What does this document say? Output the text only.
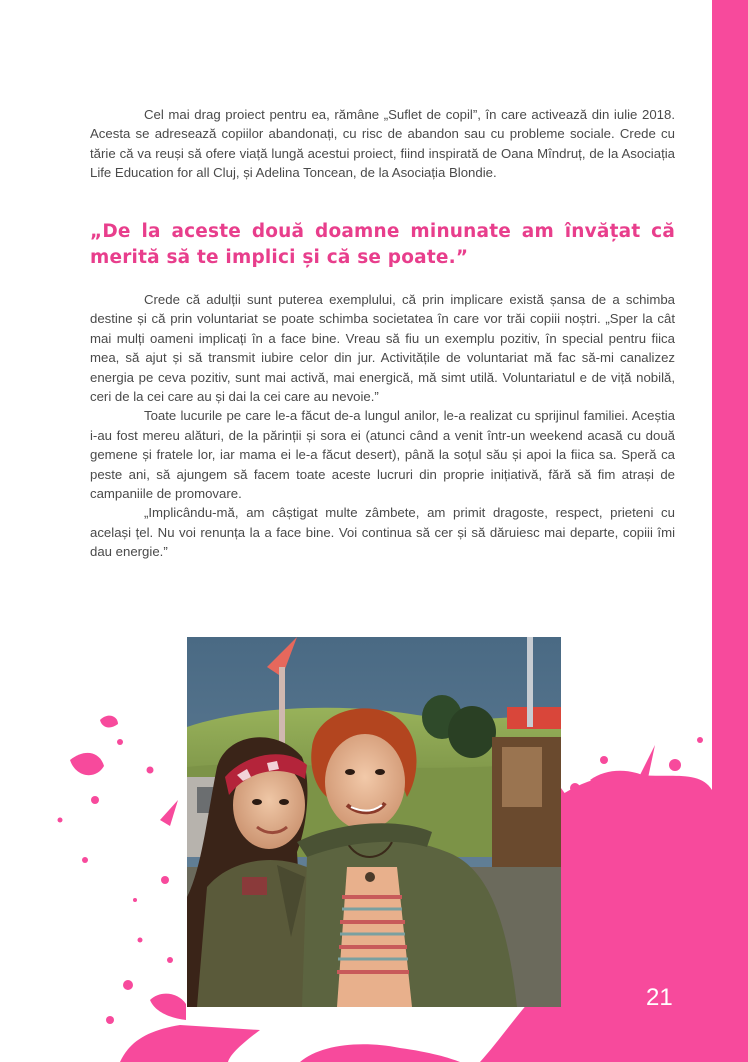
Cel mai drag proiect pentru ea, rămâne „Suflet de copil”, în care activează din iulie 2018. Acesta se adresează copiilor abandonați, cu risc de abandon sau cu probleme sociale. Crede cu tărie că va reuși să ofere viață lungă acestui proiect, fiind inspirată de Oana Mîndruț, de la Asociația Life Education for all Cluj, și Adelina Toncean, de la Asociația Blondie.

„De la aceste două doamne minunate am învățat că merită să te implici și că se poate.”

Crede că adulții sunt puterea exemplului, că prin implicare există șansa de a schimba destine și că prin voluntariat se poate schimba societatea în care vor trăi copiii noștri. „Sper la cât mai mulți oameni implicați în a face bine. Vreau să fiu un exemplu pozitiv, în special pentru fiica mea, să ajut și să transmit iubire celor din jur. Activitățile de voluntariat mă fac să-mi canalizez energia pe ceva pozitiv, sunt mai activă, mai energică, mă simt utilă. Voluntariatul e de viță nobilă, ceri de la cei care au și dai la cei care au nevoie.”

Toate lucurile pe care le-a făcut de-a lungul anilor, le-a realizat cu sprijinul familiei. Aceștia i-au fost mereu alături, de la părinții și sora ei (atunci când a venit într-un weekend acasă cu două gemene și fratele lor, iar mama ei le-a făcut desert), până la soțul său și apoi la fiica sa. Speră ca peste ani, să ajungem să facem toate aceste lucruri din proprie inițiativă, fără să fim atrași de campaniile de promovare.

„Implicându-mă, am câștigat multe zâmbete, am primit dragoste, respect, prieteni cu același țel. Nu voi renunța la a face bine. Voi continua să cer și să dăruiesc mai departe, copiii îmi dau energie.”

21
